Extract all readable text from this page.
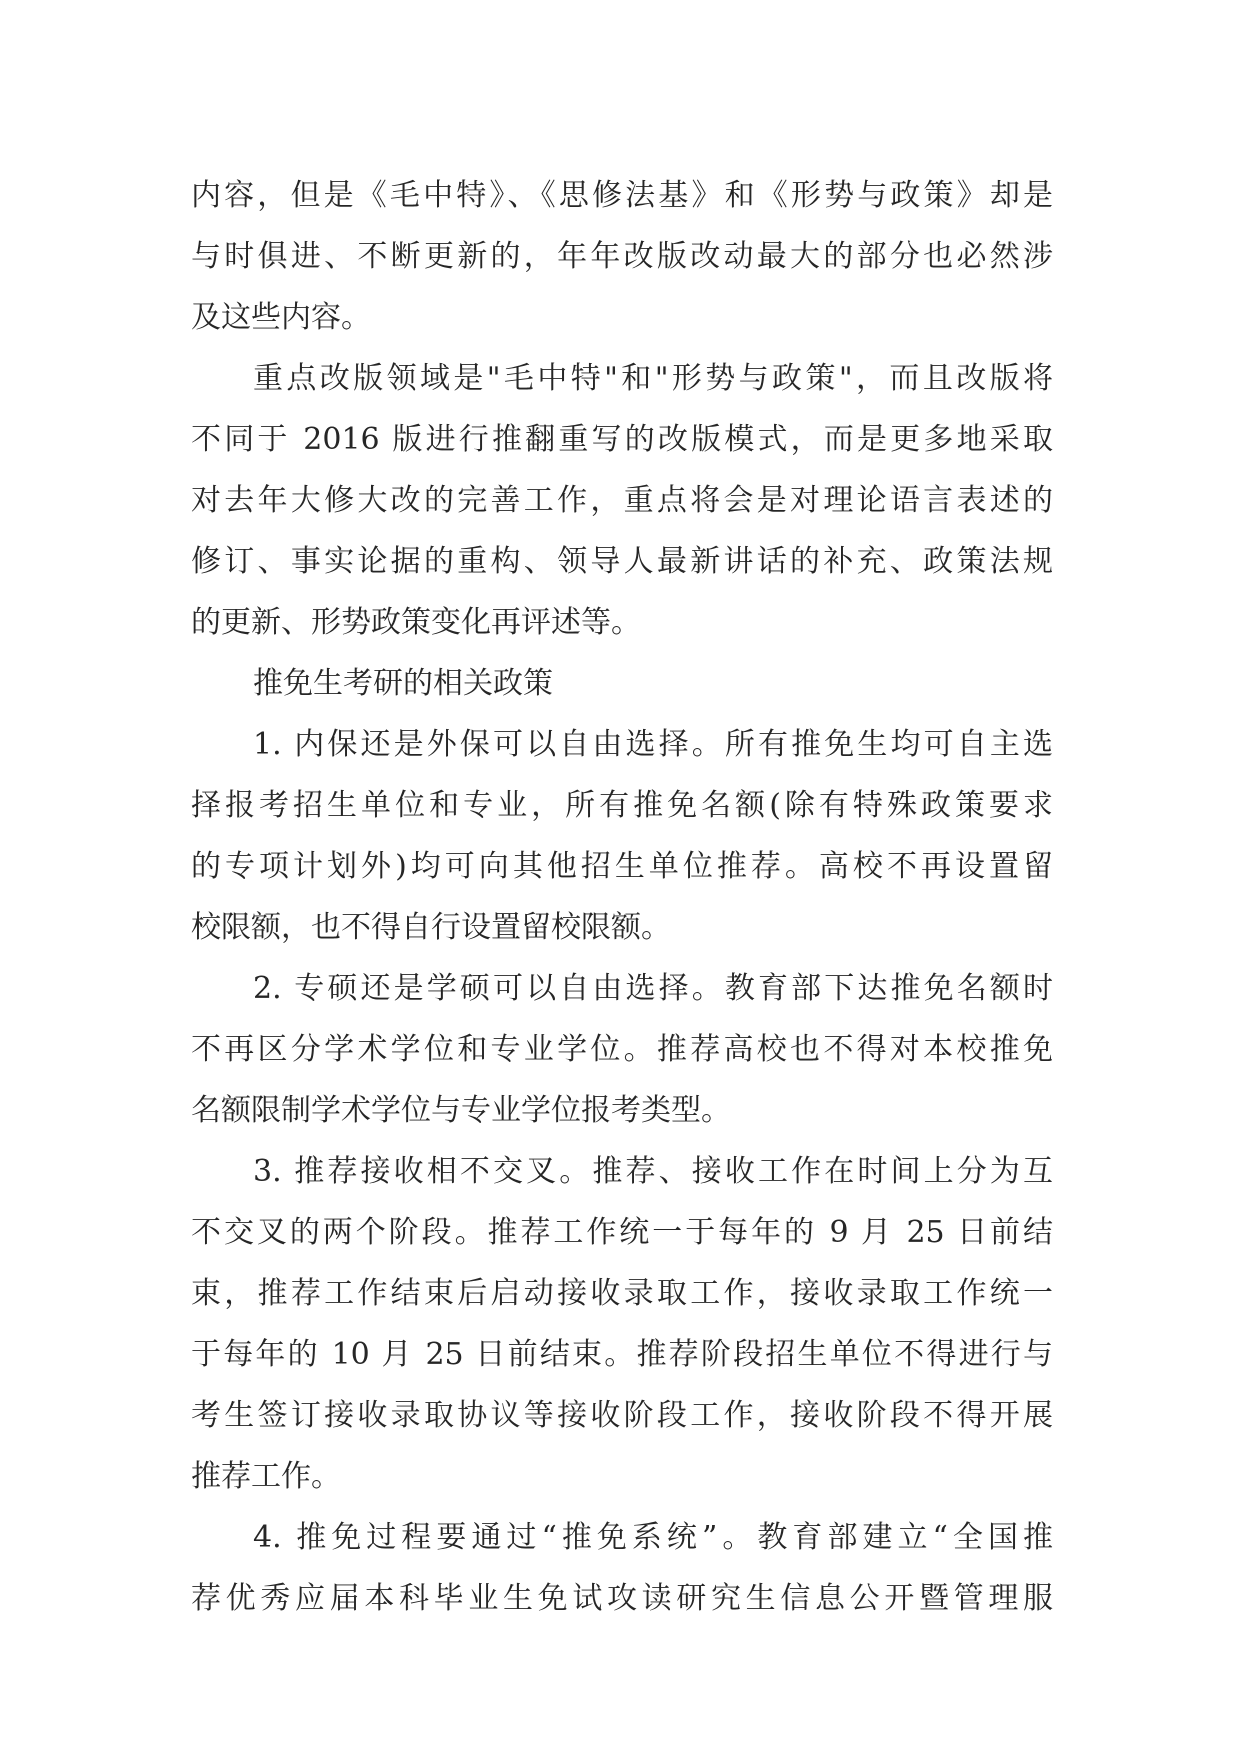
内容，但是《毛中特》、《思修法基》和《形势与政策》却是
与时俱进、不断更新的，年年改版改动最大的部分也必然涉
及这些内容。
重点改版领域是"毛中特"和"形势与政策"，而且改版将
不同于 2016 版进行推翻重写的改版模式，而是更多地采取
对去年大修大改的完善工作，重点将会是对理论语言表述的
修订、事实论据的重构、领导人最新讲话的补充、政策法规
的更新、形势政策变化再评述等。
推免生考研的相关政策
1. 内保还是外保可以自由选择。所有推免生均可自主选
择报考招生单位和专业，所有推免名额(除有特殊政策要求
的专项计划外)均可向其他招生单位推荐。高校不再设置留
校限额，也不得自行设置留校限额。
2. 专硕还是学硕可以自由选择。教育部下达推免名额时
不再区分学术学位和专业学位。推荐高校也不得对本校推免
名额限制学术学位与专业学位报考类型。
3. 推荐接收相不交叉。推荐、接收工作在时间上分为互
不交叉的两个阶段。推荐工作统一于每年的 9 月 25 日前结
束，推荐工作结束后启动接收录取工作，接收录取工作统一
于每年的 10 月 25 日前结束。推荐阶段招生单位不得进行与
考生签订接收录取协议等接收阶段工作，接收阶段不得开展
推荐工作。
4. 推免过程要通过“推免系统”。教育部建立“全国推
荐优秀应届本科毕业生免试攻读研究生信息公开暨管理服
